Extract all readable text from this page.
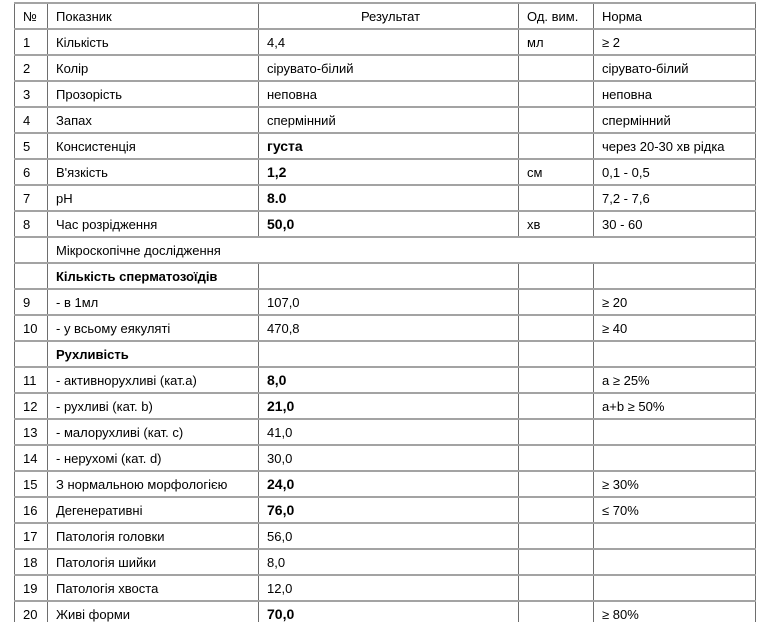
№	Показник	Результат	Од. вим.	Норма
1	Кількість	4,4	мл	≥ 2
2	Колір	сірувато-білий		сірувато-білий
3	Прозорість	неповна		неповна
4	Запах	спермінний		спермінний
5	Консистенція	густа		через 20-30 хв рідка
6	В'язкість	1,2	см	0,1 - 0,5
7	pH	8.0		7,2 - 7,6
8	Час розрідження	50,0	хв	30 - 60
	Мікроскопічне дослідження			
	Кількість сперматозоїдів			
9	- в 1мл	107,0		≥ 20
10	- у всьому еякуляті	470,8		≥ 40
	Рухливість			
11	- активнорухливі (кат.а)	8,0		a ≥ 25%
12	- рухливі (кат. b)	21,0		a+b ≥ 50%
13	- малорухливі (кат. c)	41,0		
14	- нерухомі (кат. d)	30,0		
15	З нормальною морфологією	24,0		≥ 30%
16	Дегенеративні	76,0		≤ 70%
17	Патологія головки	56,0		
18	Патологія шийки	8,0		
19	Патологія хвоста	12,0		
20	Живі форми	70,0		≥ 80%
